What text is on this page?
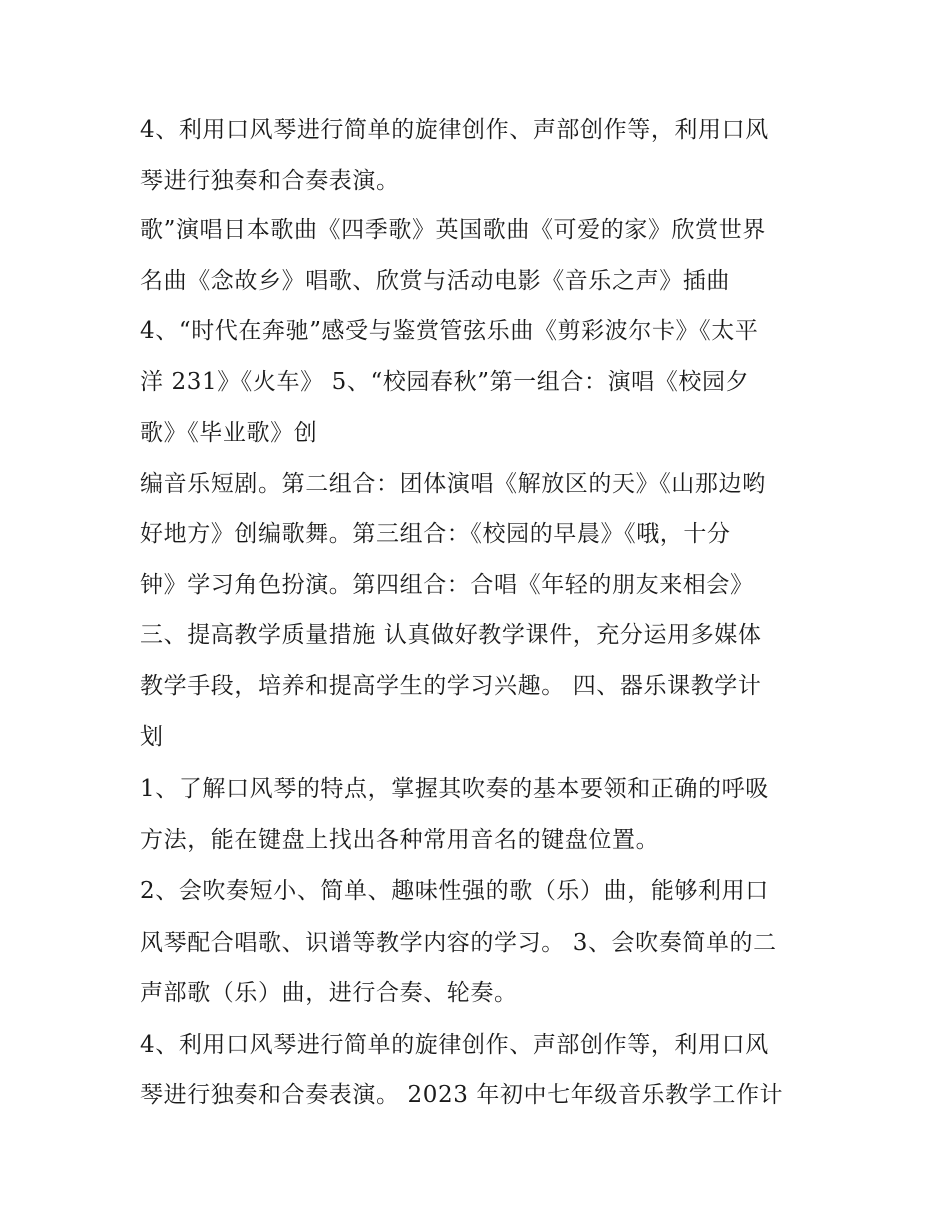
4、利用口风琴进行简单的旋律创作、声部创作等，利用口风

琴进行独奏和合奏表演。

歌”演唱日本歌曲《四季歌》英国歌曲《可爱的家》欣赏世界

名曲《念故乡》唱歌、欣赏与活动电影《音乐之声》插曲

4、“时代在奔驰”感受与鉴赏管弦乐曲《剪彩波尔卡》《太平

洋 231》《火车》 5、“校园春秋”第一组合：演唱《校园夕

歌》《毕业歌》创

编音乐短剧。第二组合：团体演唱《解放区的天》《山那边哟

好地方》创编歌舞。第三组合：《校园的早晨》《哦，十分

钟》学习角色扮演。第四组合：合唱《年轻的朋友来相会》

三、提高教学质量措施 认真做好教学课件，充分运用多媒体

教学手段，培养和提高学生的学习兴趣。 四、器乐课教学计

划

1、了解口风琴的特点，掌握其吹奏的基本要领和正确的呼吸

方法，能在键盘上找出各种常用音名的键盘位置。

2、会吹奏短小、简单、趣味性强的歌（乐）曲，能够利用口

风琴配合唱歌、识谱等教学内容的学习。 3、会吹奏简单的二

声部歌（乐）曲，进行合奏、轮奏。

4、利用口风琴进行简单的旋律创作、声部创作等，利用口风

琴进行独奏和合奏表演。 2023 年初中七年级音乐教学工作计
